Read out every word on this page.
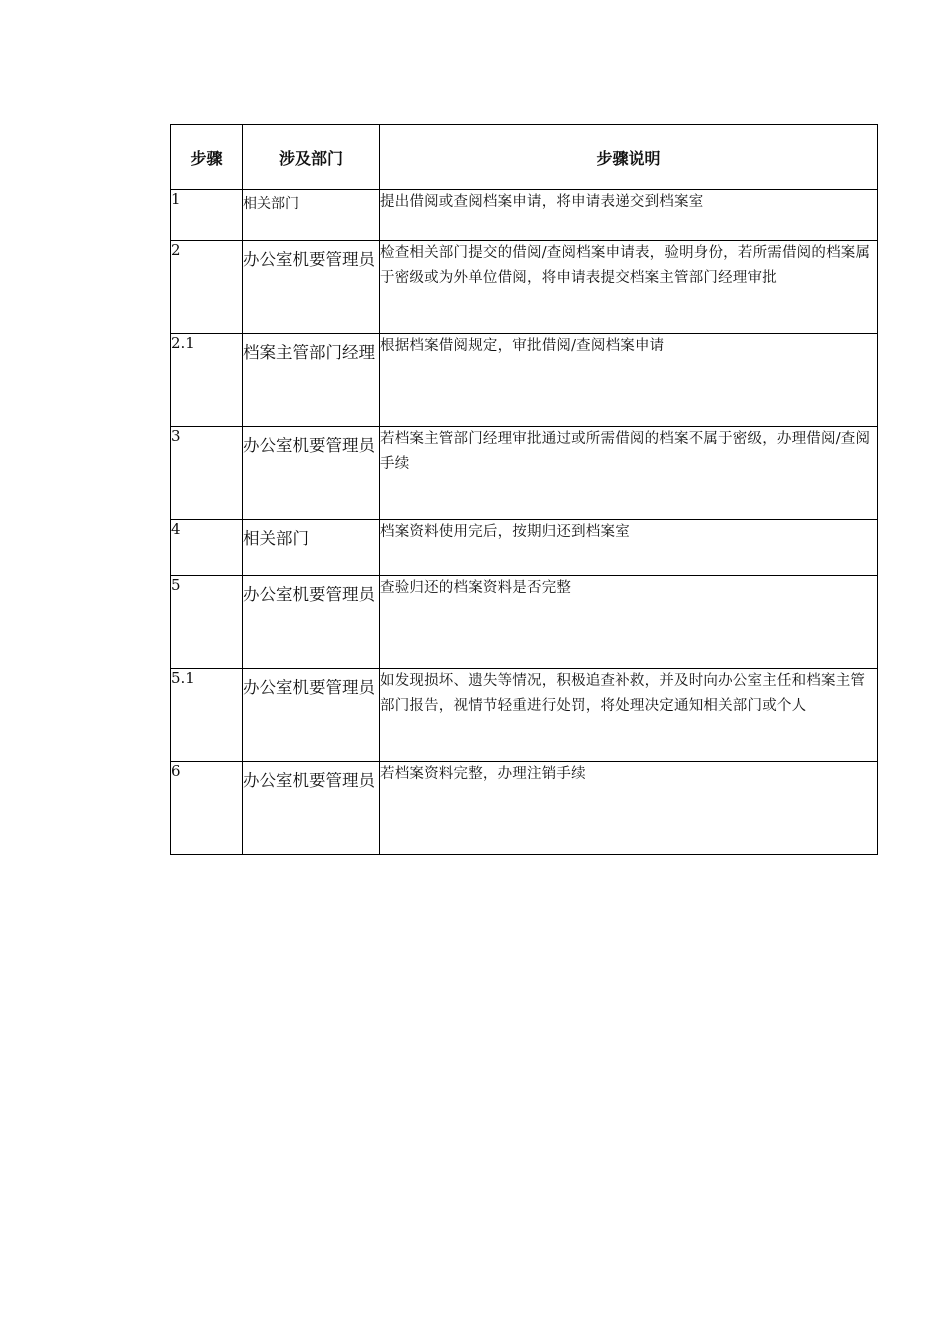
步骤	涉及部门	步骤说明
1	相关部门	提出借阅或查阅档案申请，将申请表递交到档案室
2	办公室机要管理员	检查相关部门提交的借阅/查阅档案申请表，验明身份，若所需借阅的档案属于密级或为外单位借阅，将申请表提交档案主管部门经理审批
2.1	档案主管部门经理	根据档案借阅规定，审批借阅/查阅档案申请
3	办公室机要管理员	若档案主管部门经理审批通过或所需借阅的档案不属于密级，办理借阅/查阅手续
4	相关部门	档案资料使用完后，按期归还到档案室
5	办公室机要管理员	查验归还的档案资料是否完整
5.1	办公室机要管理员	如发现损坏、遗失等情况，积极追查补救，并及时向办公室主任和档案主管部门报告，视情节轻重进行处罚，将处理决定通知相关部门或个人
6	办公室机要管理员	若档案资料完整，办理注销手续
